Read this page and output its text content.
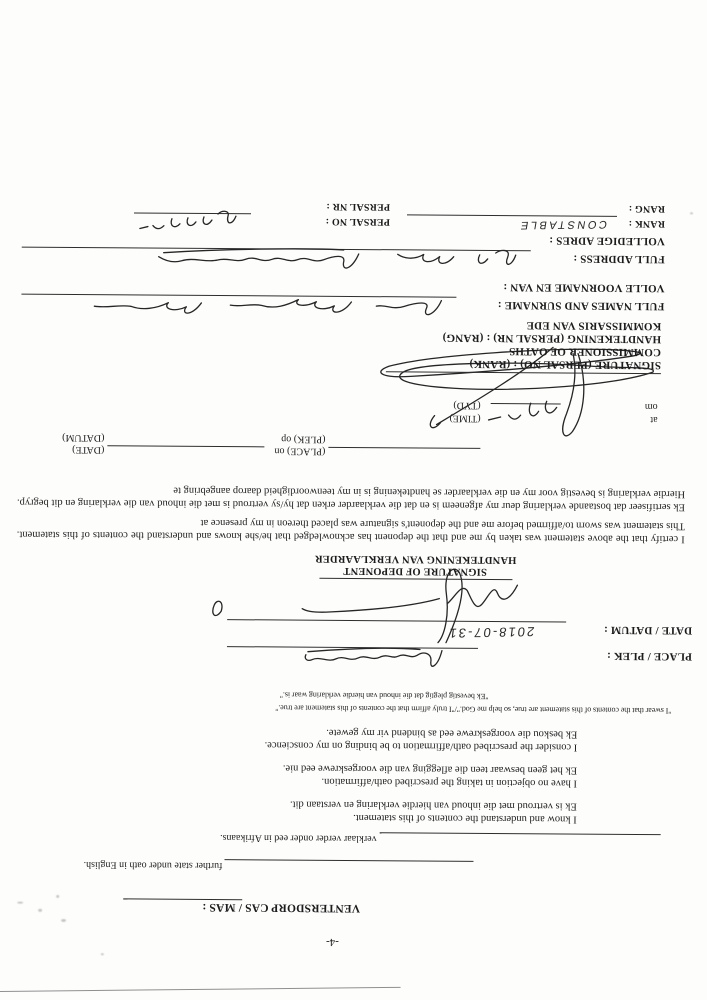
-4-
VENTERSDORP CAS / MAS :
further state under oath in English.
verklaar verder onder eed in Afrikaans.
I know and understand the contents of this statement.
Ek is vertroud met die inhoud van hierdie verklaring en verstaan dit.
I have no objection in taking the prescribed oath/affirmation.
Ek het geen beswaar teen die aflegging van die voorgeskrewe eed nie.
I consider the prescribed oath/affirmation to be binding on my conscience.
Ek beskou die voorgeskrewe eed as bindend vir my gewete.
"I swear that the contents of this statement are true, so help me God."/"I truly affirm that the contents of this statement are true."
"Ek bevestig plegtig dat die inhoud van hierdie verklaring waar is."
PLACE / PLEK :
DATE / DATUM :
2018-07-31
SIGNATURE OF DEPONENT
HANDTEKENING VAN VERKLAARDER
I certify that the above statement was taken by me and that the deponent has acknowledged that he/she knows and understand the contents of this statement. This statement was sworn to/affirmed before me and the deponent's signature was placed thereon in my presence at
Ek sertifiseer dat bostaande verklaring deur my afgeneem is en dat die verklaarder erken dat hy/sy vertroud is met die inhoud van die verklaring en dit begryp. Hierdie verklaring is bevestig voor my en die verklaarder se handtekening is in my teenwoordigheid daarop aangebring te
(PLACE) on
(PLEK) op
(DATE)
(DATUM)
at
(TIME)
om
(TYD)
SIGNATURE (PERSAL NO) : (RANK)
COMMISSIONER OF OATHS
HANDTEKENING (PERSAL NR) : (RANG)
KOMMISSARIS VAN EDE
FULL NAMES AND SURNAME :
VOLLE VOORNAME EN VAN :
FULL ADDRESS :
VOLLEDIGE ADRES :
RANK :
CONSTABLE
PERSAL NO :
RANG :
PERSAL NR :
